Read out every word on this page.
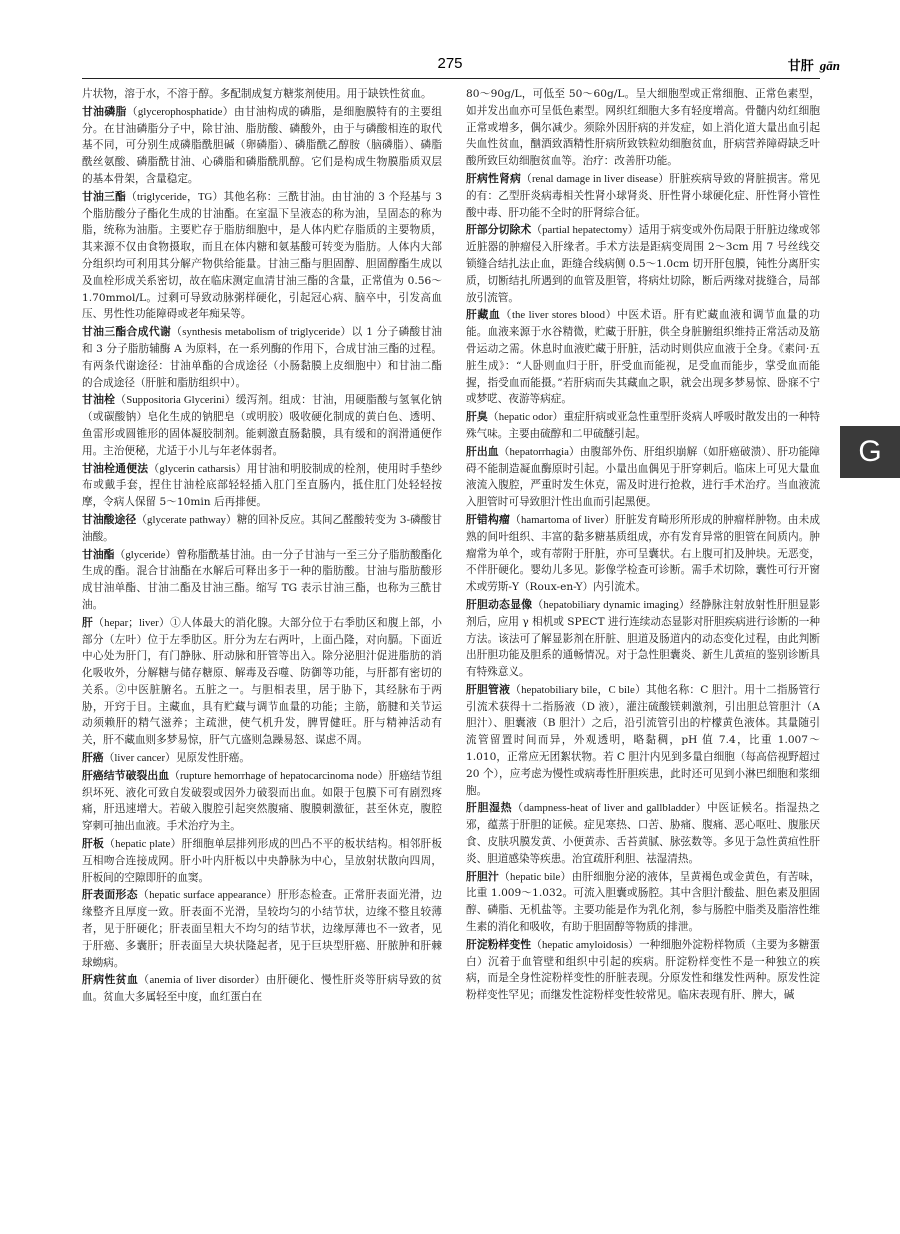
275	甘肝 gān
片状物，溶于水，不溶于醇。多配制成复方糖浆剂使用。用于缺铁性贫血。
甘油磷脂（glycerophosphatide）由甘油构成的磷脂，是细胞膜特有的主要组分。在甘油磷脂分子中，除甘油、脂肪酸、磷酸外，由于与磷酸相连的取代基不同，可分别生成磷脂酰胆碱（卵磷脂）、磷脂酰乙醇胺（脑磷脂）、磷脂酰丝氨酸、磷脂酰甘油、心磷脂和磷脂酰肌醇。它们是构成生物膜脂质双层的基本骨架，含量稳定。
甘油三酯（triglyceride，TG）其他名称：三酰甘油。由甘油的 3 个羟基与 3 个脂肪酸分子酯化生成的甘油酯。在室温下呈液态的称为油，呈固态的称为脂，统称为油脂。主要贮存于脂肪细胞中，是人体内贮存脂质的主要物质，其来源不仅由食物摄取，而且在体内糖和氨基酸可转变为脂肪。人体内大部分组织均可利用其分解产物供给能量。甘油三酯与胆固醇、胆固醇酯生成以及血栓形成关系密切，故在临床测定血清甘油三酯的含量，正常值为 0.56～1.70mmol/L。过剩可导致动脉粥样硬化，引起冠心病、脑卒中，引发高血压、男性性功能障碍或老年痴呆等。
甘油三酯合成代谢（synthesis metabolism of triglyceride）以 1 分子磷酸甘油和 3 分子脂肪辅酶 A 为原料，在一系列酶的作用下，合成甘油三酯的过程。有两条代谢途径：甘油单酯的合成途径（小肠黏膜上皮细胞中）和甘油二酯的合成途径（肝脏和脂肪组织中）。
甘油栓（Suppositoria Glycerini）缓泻剂。组成：甘油，用硬脂酸与氢氧化钠（或碳酸钠）皂化生成的钠肥皂（或明胶）吸收硬化制成的黄白色、透明、鱼雷形或圆锥形的固体凝胶制剂。能刺激直肠黏膜，具有缓和的润滑通便作用。主治便秘，尤适于小儿与年老体弱者。
甘油栓通便法（glycerin catharsis）用甘油和明胶制成的栓剂，使用时手垫纱布或戴手套，捏住甘油栓底部轻轻插入肛门至直肠内，抵住肛门处轻轻按摩，令病人保留 5～10min 后再排便。
甘油酸途径（glycerate pathway）糖的回补反应。其间乙醛酸转变为 3-磷酸甘油酸。
甘油酯（glyceride）曾称脂酰基甘油。由一分子甘油与一至三分子脂肪酸酯化生成的酯。混合甘油酯在水解后可释出多于一种的脂肪酸。甘油与脂肪酸形成甘油单酯、甘油二酯及甘油三酯。缩写 TG 表示甘油三酯，也称为三酰甘油。
肝（hepar；liver）①人体最大的消化腺。大部分位于右季肋区和腹上部，小部分（左叶）位于左季肋区。肝分为左右两叶，上面凸隆，对向膈。下面近中心处为肝门，有门静脉、肝动脉和肝管等出入。除分泌胆汁促进脂肪的消化吸收外，分解糖与储存糖原、解毒及吞噬、防御等功能，与肝都有密切的关系。②中医脏腑名。五脏之一。与胆相表里，居于胁下，其经脉布于两胁，开窍于目。主藏血，具有贮藏与调节血量的功能；主筋，筋腱和关节运动须赖肝的精气滋养；主疏泄，使气机升发，脾胃健旺。肝与精神活动有关，肝不藏血则多梦易惊，肝气亢盛则急躁易怒、谋虑不周。
肝癌（liver cancer）见原发性肝癌。
肝癌结节破裂出血（rupture hemorrhage of hepatocarcinoma node）肝癌结节组织坏死、液化可致自发破裂或因外力破裂而出血。如限于包膜下可有剧烈疼痛，肝迅速增大。若破入腹腔引起突然腹痛、腹膜刺激征，甚至休克，腹腔穿刺可抽出血液。手术治疗为主。
肝板（hepatic plate）肝细胞单层排列形成的凹凸不平的板状结构。相邻肝板互相吻合连接成网。肝小叶内肝板以中央静脉为中心，呈放射状散向四周，肝板间的空隙即肝的血窦。
肝表面形态（hepatic surface appearance）肝形态检查。正常肝表面光滑，边缘整齐且厚度一致。肝表面不光滑，呈较均匀的小结节状，边缘不整且较薄者，见于肝硬化；肝表面呈粗大不均匀的结节状，边缘厚薄也不一致者，见于肝癌、多囊肝；肝表面呈大块状隆起者，见于巨块型肝癌、肝脓肿和肝棘球蚴病。
肝病性贫血（anemia of liver disorder）由肝硬化、慢性肝炎等肝病导致的贫血。贫血大多属轻至中度，血红蛋白在
80～90g/L，可低至 50～60g/L。呈大细胞型或正常细胞、正常色素型，如并发出血亦可呈低色素型。网织红细胞大多有轻度增高。骨髓内幼红细胞正常或增多，偶尔减少。须除外因肝病的并发症，如上消化道大量出血引起失血性贫血，酗酒致酒精性肝病所致铁粒幼细胞贫血，肝病营养障碍缺乏叶酸所致巨幼细胞贫血等。治疗：改善肝功能。
肝病性肾病（renal damage in liver disease）肝脏疾病导致的肾脏损害。常见的有：乙型肝炎病毒相关性肾小球肾炎、肝性肾小球硬化症、肝性肾小管性酸中毒、肝功能不全时的肝肾综合征。
肝部分切除术（partial hepatectomy）适用于病变或外伤局限于肝脏边缘或邻近脏器的肿瘤侵入肝缘者。手术方法是距病变周围 2～3cm 用 7 号丝线交锁缝合结扎法止血，距缝合线病侧 0.5～1.0cm 切开肝包膜，钝性分离肝实质，切断结扎所遇到的血管及胆管，将病灶切除，断后两缘对拢缝合，局部放引流管。
肝藏血（the liver stores blood）中医术语。肝有贮藏血液和调节血量的功能。血液来源于水谷精微，贮藏于肝脏，供全身脏腑组织维持正常活动及筋骨运动之需。休息时血液贮藏于肝脏，活动时则供应血液于全身。《素问·五脏生成》：“人卧则血归于肝，肝受血而能视，足受血而能步，掌受血而能握，指受血而能摄。”若肝病而失其藏血之职，就会出现多梦易惊、卧寐不宁或梦呓、夜游等病症。
肝臭（hepatic odor）重症肝病或亚急性重型肝炎病人呼吸时散发出的一种特殊气味。主要由硫醇和二甲硫醚引起。
肝出血（hepatorrhagia）由腹部外伤、肝组织崩解（如肝癌破溃）、肝功能障碍不能制造凝血酶原时引起。小量出血偶见于肝穿刺后。临床上可见大量血液流入腹腔，严重时发生休克，需及时进行抢救，进行手术治疗。当血液流入胆管时可导致胆汁性出血而引起黑便。
肝错构瘤（hamartoma of liver）肝脏发育畸形所形成的肿瘤样肿物。由未成熟的间叶组织、丰富的黏多糖基质组成，亦有发育异常的胆管在间质内。肿瘤常为单个，或有蒂附于肝脏，亦可呈囊状。右上腹可扪及肿块。无恶变，不伴肝硬化。婴幼儿多见。影像学检查可诊断。需手术切除，囊性可行开窗术或劳斯-Y（Roux-en-Y）内引流术。
肝胆动态显像（hepatobiliary dynamic imaging）经静脉注射放射性肝胆显影剂后，应用 γ 相机或 SPECT 进行连续动态显影对肝胆疾病进行诊断的一种方法。该法可了解显影剂在肝脏、胆道及肠道内的动态变化过程，由此判断出肝胆功能及胆系的通畅情况。对于急性胆囊炎、新生儿黄疸的鉴别诊断具有特殊意义。
肝胆管液（hepatobiliary bile，C bile）其他名称：C 胆汁。用十二指肠管行引流术获得十二指肠液（D 液），灌注硫酸镁刺激剂，引出胆总管胆汁（A 胆汁）、胆囊液（B 胆汁）之后，沿引流管引出的柠檬黄色液体。其量随引流管留置时间而异，外观透明，略黏稠，pH 值 7.4，比重 1.007～1.010，正常应无团絮状物。若 C 胆汁内见到多量白细胞（每高倍视野超过 20 个），应考虑为慢性或病毒性肝胆疾患，此时还可见到小淋巴细胞和浆细胞。
肝胆湿热（dampness-heat of liver and gallbladder）中医证候名。指湿热之邪，蕴蒸于肝胆的证候。症见寒热、口苦、胁痛、腹痛、恶心呕吐、腹胀厌食、皮肤巩膜发黄、小便黄赤、舌苔黄腻、脉弦数等。多见于急性黄疸性肝炎、胆道感染等疾患。治宜疏肝利胆、祛湿清热。
肝胆汁（hepatic bile）由肝细胞分泌的液体，呈黄褐色或金黄色，有苦味，比重 1.009～1.032。可流入胆囊或肠腔。其中含胆汁酸盐、胆色素及胆固醇、磷脂、无机盐等。主要功能是作为乳化剂，参与肠腔中脂类及脂溶性维生素的消化和吸收，有助于胆固醇等物质的排泄。
肝淀粉样变性（hepatic amyloidosis）一种细胞外淀粉样物质（主要为多糖蛋白）沉着于血管壁和组织中引起的疾病。肝淀粉样变性不是一种独立的疾病，而是全身性淀粉样变性的肝脏表现。分原发性和继发性两种。原发性淀粉样变性罕见；而继发性淀粉样变性较常见。临床表现有肝、脾大，碱
G
